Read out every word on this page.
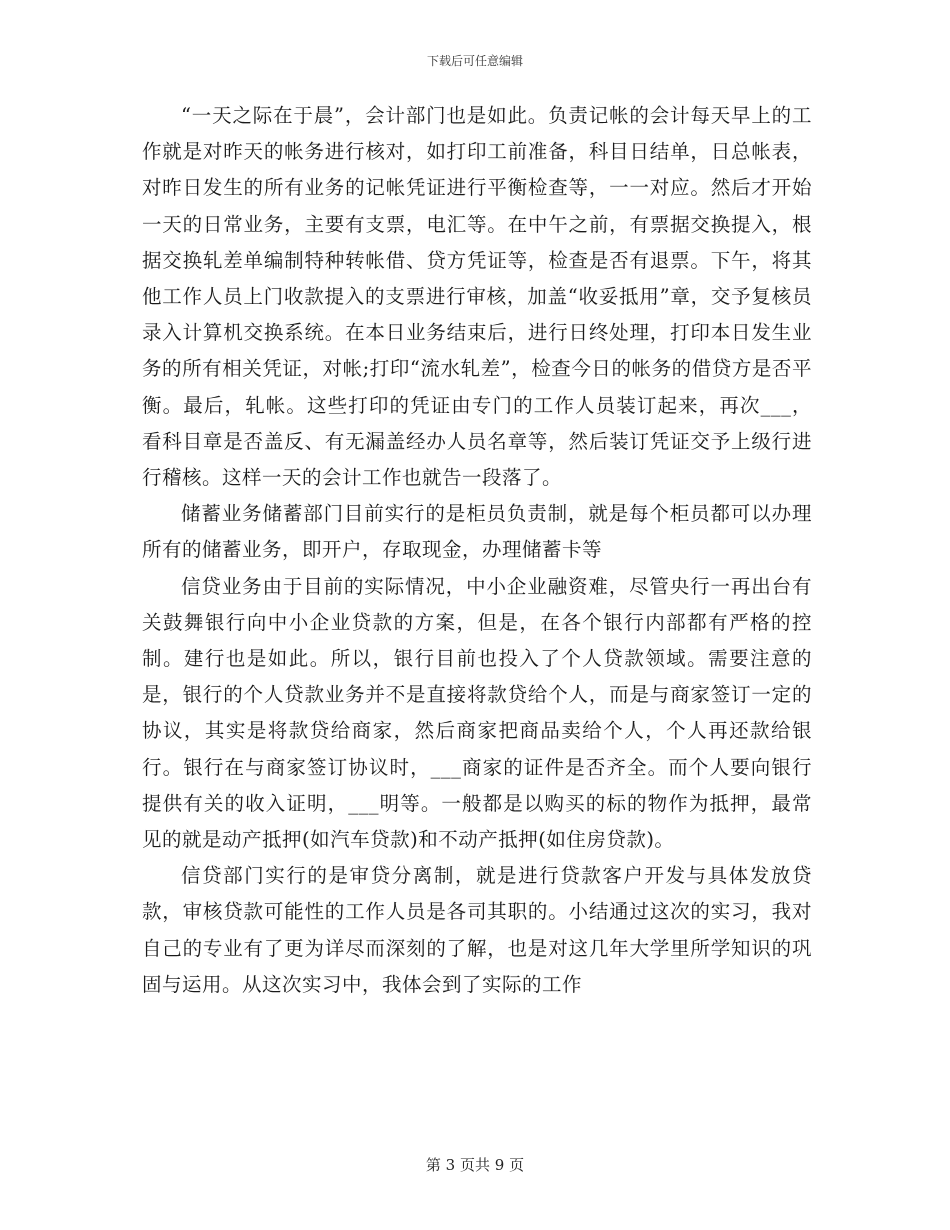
下载后可任意编辑

“一天之际在于晨”，会计部门也是如此。负责记帐的会计每天早上的工作就是对昨天的帐务进行核对，如打印工前准备，科目日结单，日总帐表，对昨日发生的所有业务的记帐凭证进行平衡检查等，一一对应。然后才开始一天的日常业务，主要有支票，电汇等。在中午之前，有票据交换提入，根据交换轧差单编制特种转帐借、贷方凭证等，检查是否有退票。下午，将其他工作人员上门收款提入的支票进行审核，加盖“收妥抵用”章，交予复核员录入计算机交换系统。在本日业务结束后，进行日终处理，打印本日发生业务的所有相关凭证，对帐;打印“流水轧差”，检查今日的帐务的借贷方是否平衡。最后，轧帐。这些打印的凭证由专门的工作人员装订起来，再次___，看科目章是否盖反、有无漏盖经办人员名章等，然后装订凭证交予上级行进行稽核。这样一天的会计工作也就告一段落了。

储蓄业务储蓄部门目前实行的是柜员负责制，就是每个柜员都可以办理所有的储蓄业务，即开户，存取现金，办理储蓄卡等

信贷业务由于目前的实际情况，中小企业融资难，尽管央行一再出台有关鼓舞银行向中小企业贷款的方案，但是，在各个银行内部都有严格的控制。建行也是如此。所以，银行目前也投入了个人贷款领域。需要注意的是，银行的个人贷款业务并不是直接将款贷给个人，而是与商家签订一定的协议，其实是将款贷给商家，然后商家把商品卖给个人，个人再还款给银行。银行在与商家签订协议时，___商家的证件是否齐全。而个人要向银行提供有关的收入证明，___明等。一般都是以购买的标的物作为抵押，最常见的就是动产抵押(如汽车贷款)和不动产抵押(如住房贷款)。

信贷部门实行的是审贷分离制，就是进行贷款客户开发与具体发放贷款，审核贷款可能性的工作人员是各司其职的。小结通过这次的实习，我对自己的专业有了更为详尽而深刻的了解，也是对这几年大学里所学知识的巩固与运用。从这次实习中，我体会到了实际的工作

第 3 页共 9 页
